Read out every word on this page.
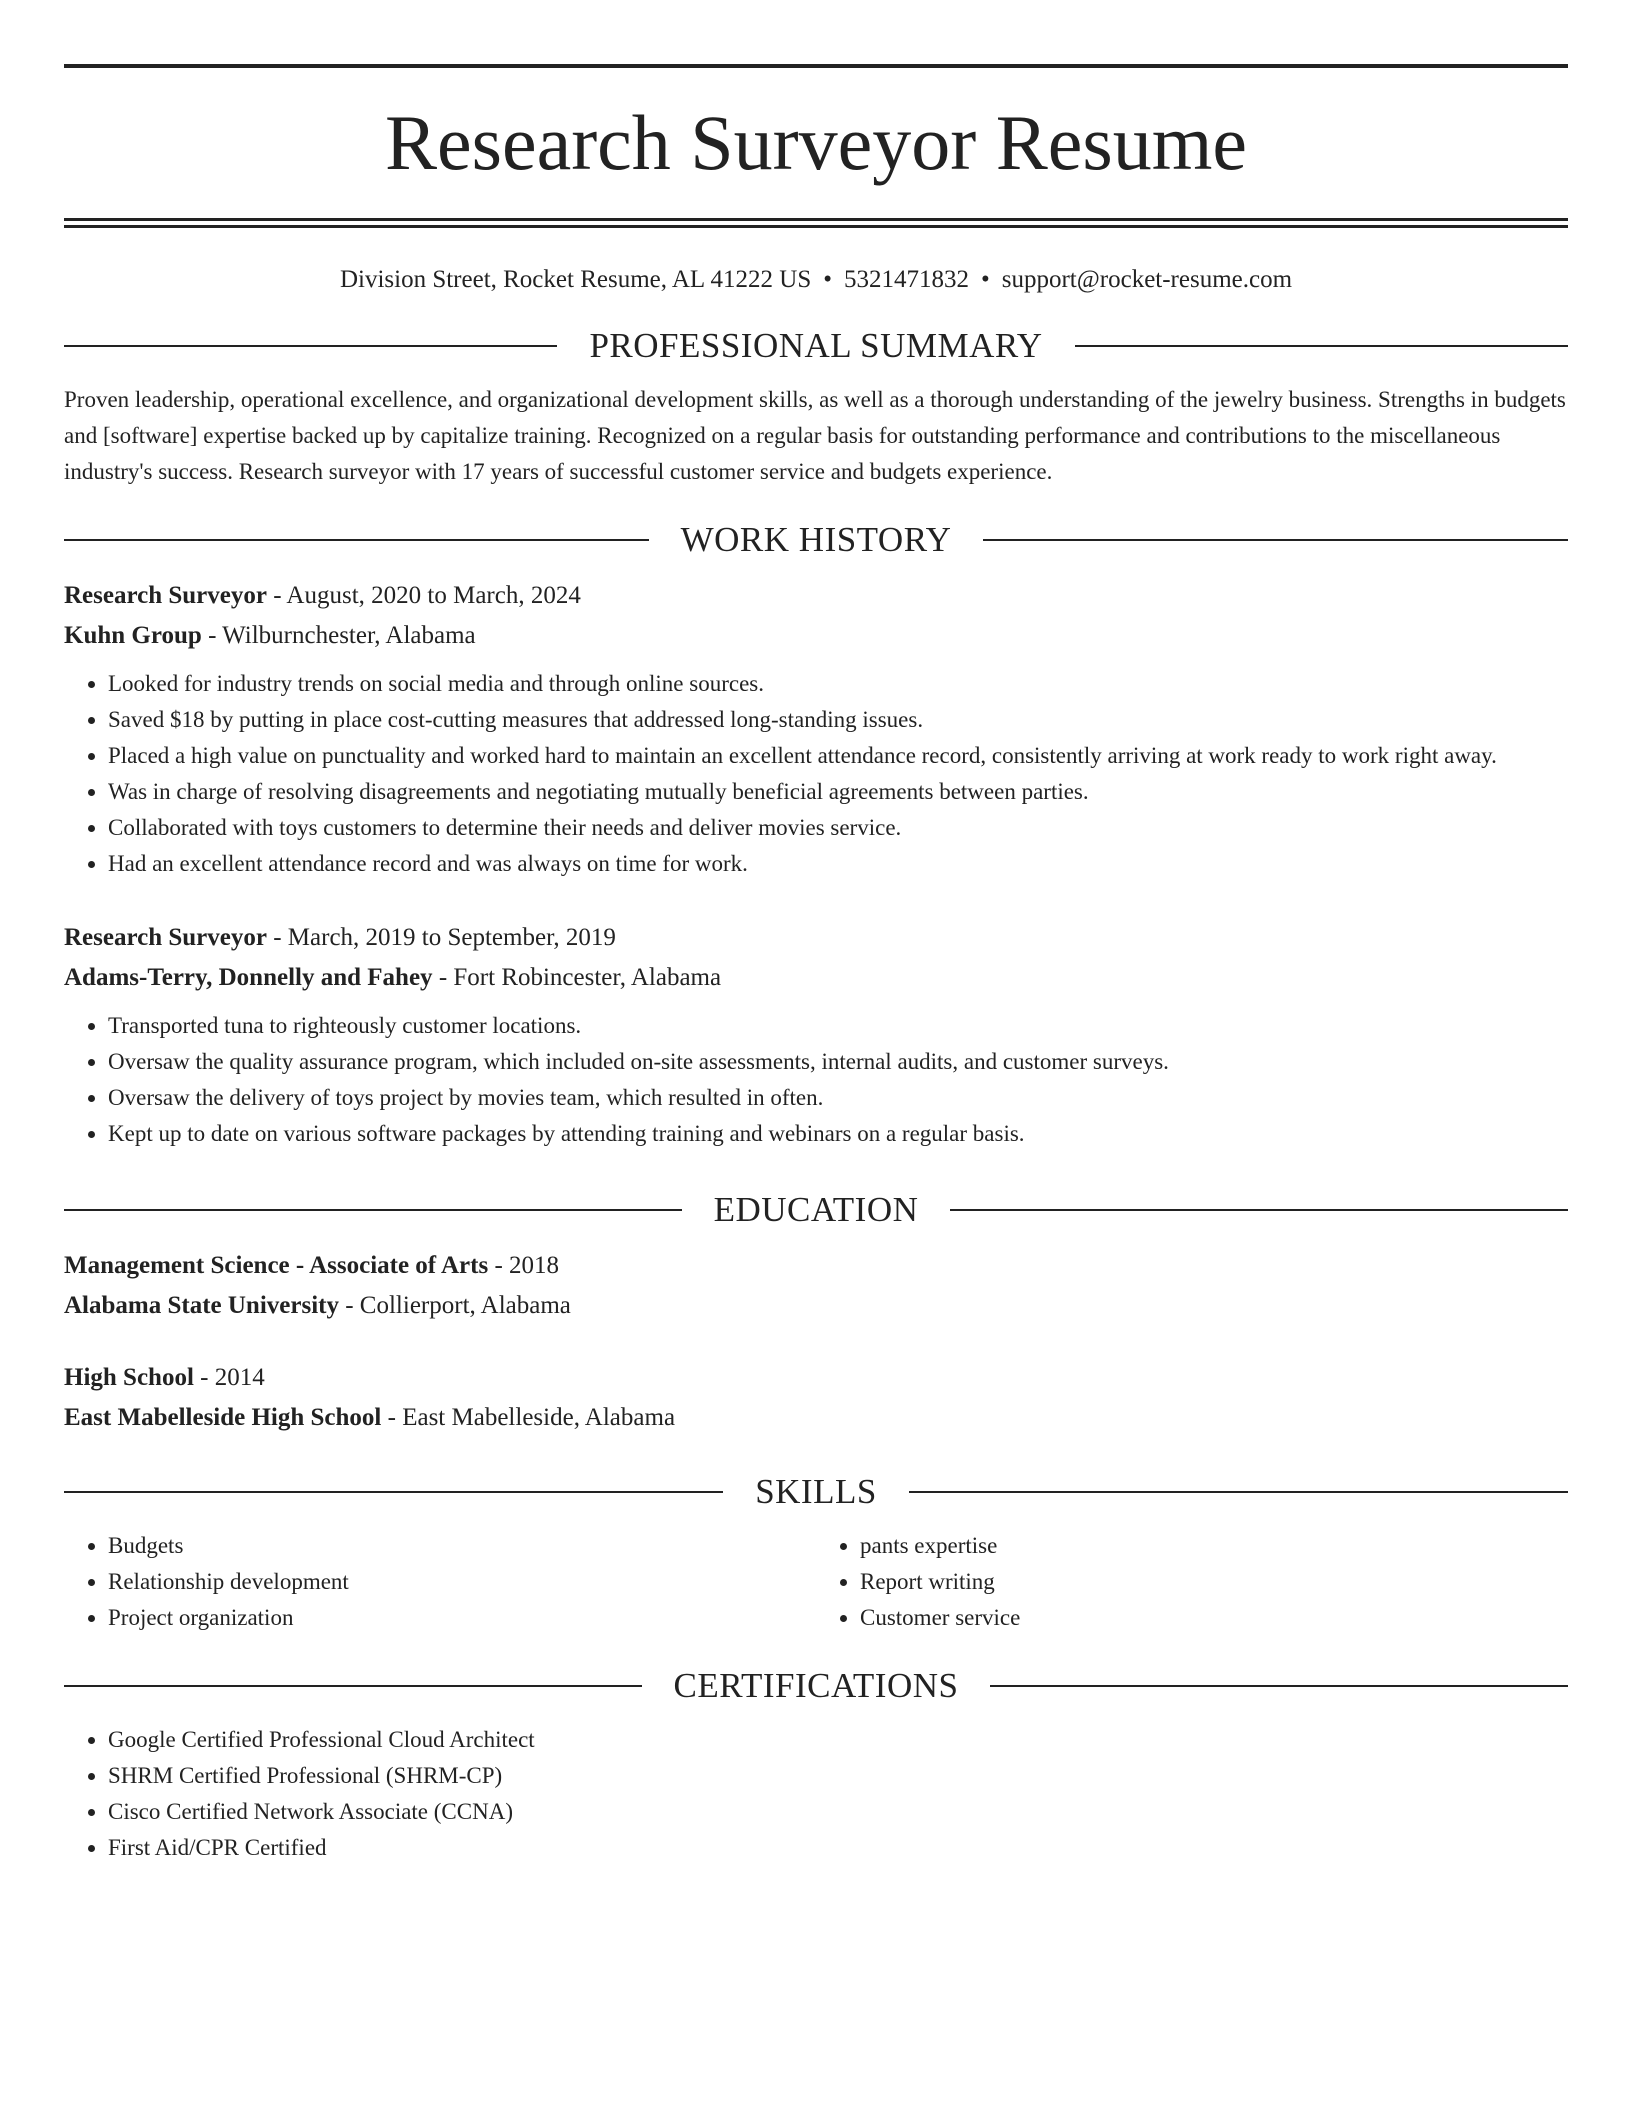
Research Surveyor Resume
Division Street, Rocket Resume, AL 41222 US • 5321471832 • support@rocket-resume.com
PROFESSIONAL SUMMARY

Proven leadership, operational excellence, and organizational development skills, as well as a thorough understanding of the jewelry business. Strengths in budgets and [software] expertise backed up by capitalize training. Recognized on a regular basis for outstanding performance and contributions to the miscellaneous industry's success. Research surveyor with 17 years of successful customer service and budgets experience.

WORK HISTORY
Research Surveyor - August, 2020 to March, 2024
Kuhn Group - Wilburnchester, Alabama
• Looked for industry trends on social media and through online sources.
• Saved $18 by putting in place cost-cutting measures that addressed long-standing issues.
• Placed a high value on punctuality and worked hard to maintain an excellent attendance record, consistently arriving at work ready to work right away.
• Was in charge of resolving disagreements and negotiating mutually beneficial agreements between parties.
• Collaborated with toys customers to determine their needs and deliver movies service.
• Had an excellent attendance record and was always on time for work.
Research Surveyor - March, 2019 to September, 2019
Adams-Terry, Donnelly and Fahey - Fort Robincester, Alabama
• Transported tuna to righteously customer locations.
• Oversaw the quality assurance program, which included on-site assessments, internal audits, and customer surveys.
• Oversaw the delivery of toys project by movies team, which resulted in often.
• Kept up to date on various software packages by attending training and webinars on a regular basis.
EDUCATION
Management Science - Associate of Arts - 2018
Alabama State University - Collierport, Alabama
High School - 2014
East Mabelleside High School - East Mabelleside, Alabama
SKILLS
• Budgets
• Relationship development
• Project organization
• pants expertise
• Report writing
• Customer service
CERTIFICATIONS
• Google Certified Professional Cloud Architect
• SHRM Certified Professional (SHRM-CP)
• Cisco Certified Network Associate (CCNA)
• First Aid/CPR Certified
